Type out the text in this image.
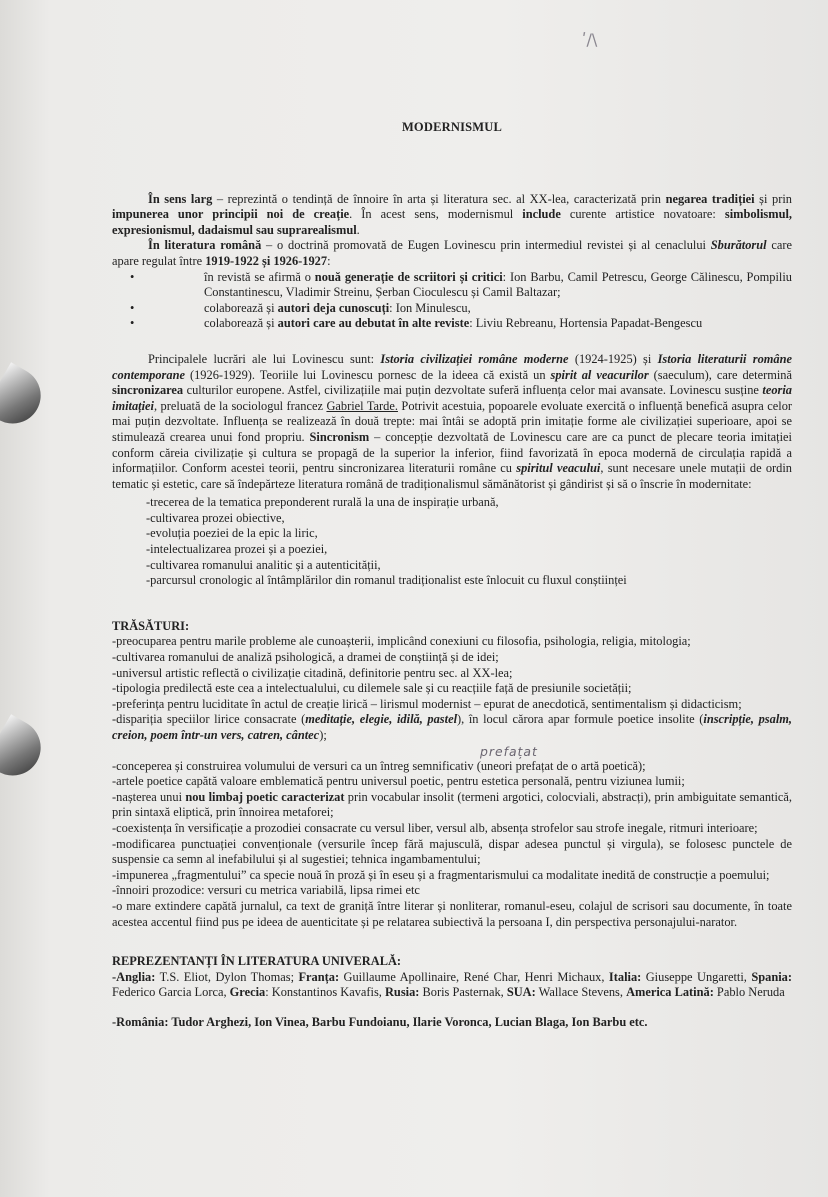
ʹ/\
MODERNISMUL

În sens larg – reprezintă o tendință de înnoire în arta și literatura sec. al XX-lea, caracterizată prin negarea tradiției și prin impunerea unor principii noi de creație. În acest sens, modernismul include curente artistice novatoare: simbolismul, expresionismul, dadaismul sau suprarealismul.

În literatura română – o doctrină promovată de Eugen Lovinescu prin intermediul revistei și al cenaclului Sburătorul care apare regulat între 1919-1922 și 1926-1927:

• în revistă se afirmă o nouă generație de scriitori și critici: Ion Barbu, Camil Petrescu, George Călinescu, Pompiliu Constantinescu, Vladimir Streinu, Șerban Cioculescu și Camil Baltazar;

• colaborează și autori deja cunoscuți: Ion Minulescu,

• colaborează și autori care au debutat în alte reviste: Liviu Rebreanu, Hortensia Papadat-Bengescu

Principalele lucrări ale lui Lovinescu sunt: Istoria civilizației române moderne (1924-1925) și Istoria literaturii române contemporane (1926-1929). Teoriile lui Lovinescu pornesc de la ideea că există un spirit al veacurilor (saeculum), care determină sincronizarea culturilor europene. Astfel, civilizațiile mai puțin dezvoltate suferă influența celor mai avansate. Lovinescu susține teoria imitației, preluată de la sociologul francez Gabriel Tarde. Potrivit acestuia, popoarele evoluate exercită o influență benefică asupra celor mai puțin dezvoltate. Influența se realizează în două trepte: mai întâi se adoptă prin imitație forme ale civilizației superioare, apoi se stimulează crearea unui fond propriu. Sincronism – concepție dezvoltată de Lovinescu care are ca punct de plecare teoria imitației conform căreia civilizație și cultura se propagă de la superior la inferior, fiind favorizată în epoca modernă de circulația rapidă a informațiilor. Conform acestei teorii, pentru sincronizarea literaturii române cu spiritul veacului, sunt necesare unele mutații de ordin tematic și estetic, care să îndepărteze literatura română de tradiționalismul sămănătorist și gândirist și să o înscrie în modernitate:

-trecerea de la tematica preponderent rurală la una de inspirație urbană,

-cultivarea prozei obiective,

-evoluția poeziei de la epic la liric,

-intelectualizarea prozei și a poeziei,

-cultivarea romanului analitic și a autenticității,

-parcursul cronologic al întâmplărilor din romanul tradiționalist este înlocuit cu fluxul conștiinței

TRĂSĂTURI:

-preocuparea pentru marile probleme ale cunoașterii, implicând conexiuni cu filosofia, psihologia, religia, mitologia;

-cultivarea romanului de analiză psihologică, a dramei de conștiință și de idei;

-universul artistic reflectă o civilizație citadină, definitorie pentru sec. al XX-lea;

-tipologia predilectă este cea a intelectualului, cu dilemele sale și cu reacțiile față de presiunile societății;

-preferința pentru luciditate în actul de creație lirică – lirismul modernist – epurat de anecdotică, sentimentalism și didacticism;

-dispariția speciilor lirice consacrate (meditație, elegie, idilă, pastel), în locul cărora apar formule poetice insolite (inscripție, psalm, creion, poem într-un vers, catren, cântec);

prefațat

-conceperea și construirea volumului de versuri ca un întreg semnificativ (uneori prefațat de o artă poetică);

-artele poetice capătă valoare emblematică pentru universul poetic, pentru estetica personală, pentru viziunea lumii;

-nașterea unui nou limbaj poetic caracterizat prin vocabular insolit (termeni argotici, colocviali, abstracți), prin ambiguitate semantică, prin sintaxă eliptică, prin înnoirea metaforei;

-coexistența în versificație a prozodiei consacrate cu versul liber, versul alb, absența strofelor sau strofe inegale, ritmuri interioare;

-modificarea punctuației convenționale (versurile încep fără majusculă, dispar adesea punctul și virgula), se folosesc punctele de suspensie ca semn al inefabilului și al sugestiei; tehnica ingambamentului;

-impunerea „fragmentului” ca specie nouă în proză și în eseu și a fragmentarismului ca modalitate inedită de construcție a poemului;

-înnoiri prozodice: versuri cu metrica variabilă, lipsa rimei etc

-o mare extindere capătă jurnalul, ca text de graniță între literar și nonliterar, romanul-eseu, colajul de scrisori sau documente, în toate acestea accentul fiind pus pe ideea de auenticitate și pe relatarea subiectivă la persoana I, din perspectiva personajului-narator.

REPREZENTANȚI ÎN LITERATURA UNIVERALĂ:

-Anglia: T.S. Eliot, Dylon Thomas; Franța: Guillaume Apollinaire, René Char, Henri Michaux, Italia: Giuseppe Ungaretti, Spania: Federico Garcia Lorca, Grecia: Konstantinos Kavafis, Rusia: Boris Pasternak, SUA: Wallace Stevens, America Latină: Pablo Neruda

-România: Tudor Arghezi, Ion Vinea, Barbu Fundoianu, Ilarie Voronca, Lucian Blaga, Ion Barbu etc.
